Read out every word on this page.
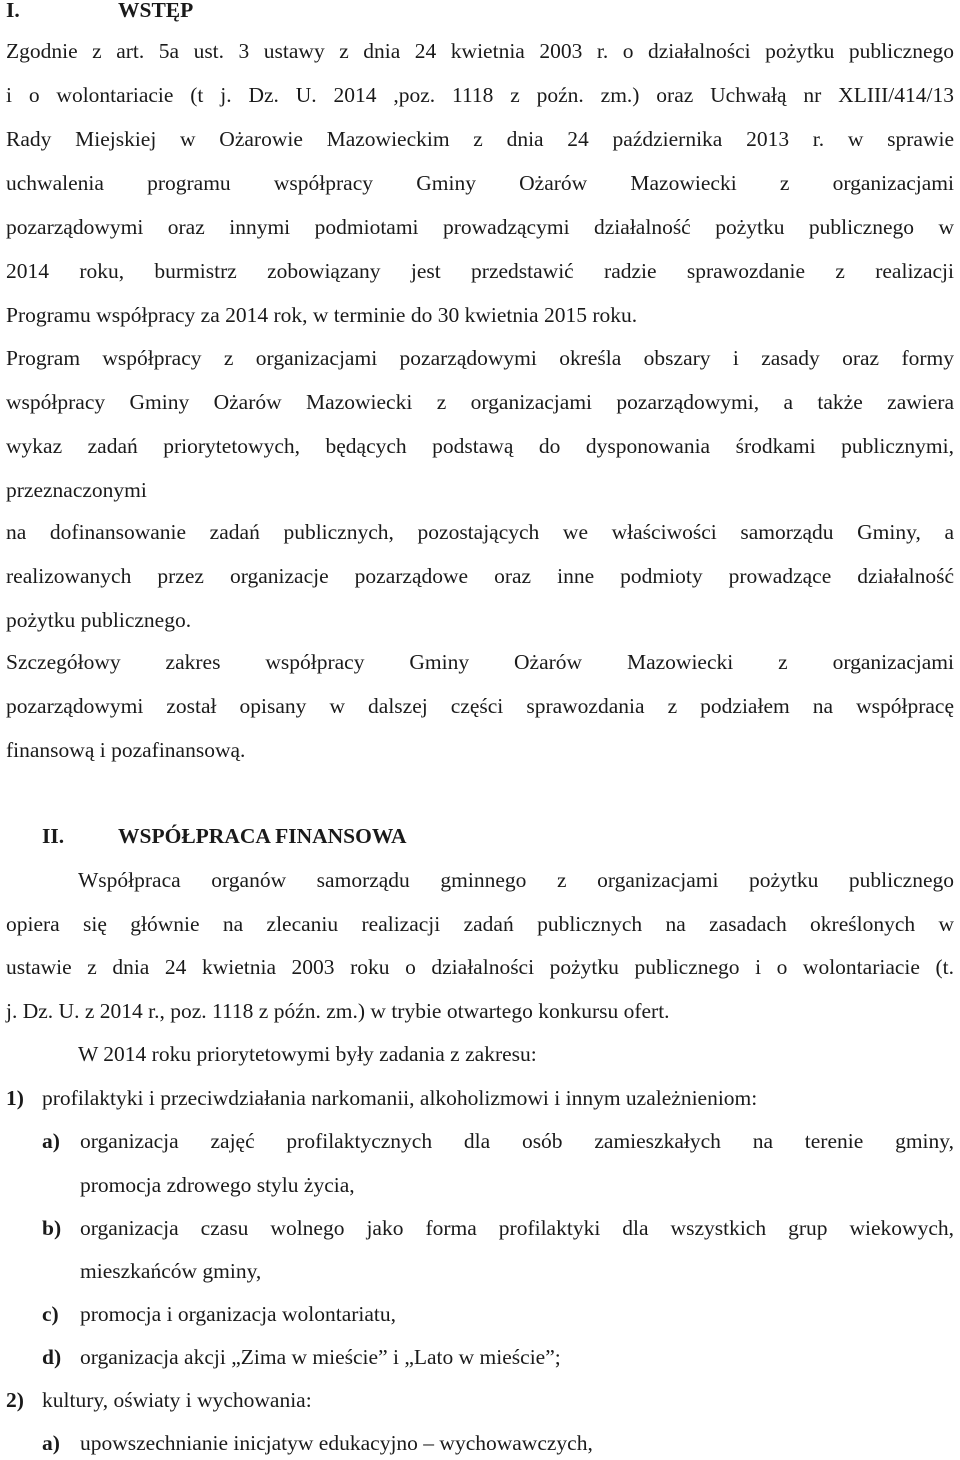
I.	WSTĘP
Zgodnie z art. 5a ust. 3 ustawy z dnia 24 kwietnia 2003 r. o działalności pożytku publicznego
i o wolontariacie (t j. Dz. U. 2014 ,poz. 1118 z poźn. zm.) oraz Uchwałą nr XLIII/414/13
Rady Miejskiej w Ożarowie Mazowieckim z dnia 24 października 2013 r. w sprawie
uchwalenia programu współpracy Gminy Ożarów Mazowiecki z organizacjami
pozarządowymi oraz innymi podmiotami prowadzącymi działalność pożytku publicznego w
2014 roku, burmistrz zobowiązany jest przedstawić radzie sprawozdanie z realizacji
Programu współpracy za 2014 rok, w terminie do 30 kwietnia 2015 roku.
Program współpracy z organizacjami pozarządowymi określa obszary i zasady oraz formy
współpracy Gminy Ożarów Mazowiecki z organizacjami pozarządowymi, a także zawiera
wykaz zadań priorytetowych, będących podstawą do dysponowania środkami publicznymi,
przeznaczonymi
na dofinansowanie zadań publicznych, pozostających we właściwości samorządu Gminy, a
realizowanych przez organizacje pozarządowe oraz inne podmioty prowadzące działalność
pożytku publicznego.
Szczegółowy zakres współpracy Gminy Ożarów Mazowiecki z organizacjami
pozarządowymi został opisany w dalszej części sprawozdania z podziałem na współpracę
finansową i pozafinansową.
II.	WSPÓŁPRACA FINANSOWA
Współpraca organów samorządu gminnego z organizacjami pożytku publicznego
opiera się głównie na zlecaniu realizacji zadań publicznych na zasadach określonych w
ustawie z dnia 24 kwietnia 2003 roku o działalności pożytku publicznego i o wolontariacie (t.
j. Dz. U. z 2014 r., poz. 1118 z późn. zm.) w trybie otwartego konkursu ofert.
W 2014 roku priorytetowymi były zadania z zakresu:
1) profilaktyki i przeciwdziałania narkomanii, alkoholizmowi i innym uzależnieniom:
a) organizacja zajęć profilaktycznych dla osób zamieszkałych na terenie gminy,
promocja zdrowego stylu życia,
b) organizacja czasu wolnego jako forma profilaktyki dla wszystkich grup wiekowych,
mieszkańców gminy,
c) promocja i organizacja wolontariatu,
d) organizacja akcji „Zima w mieście” i „Lato w mieście”;
2) kultury, oświaty i wychowania:
a) upowszechnianie inicjatyw edukacyjno – wychowawczych,
